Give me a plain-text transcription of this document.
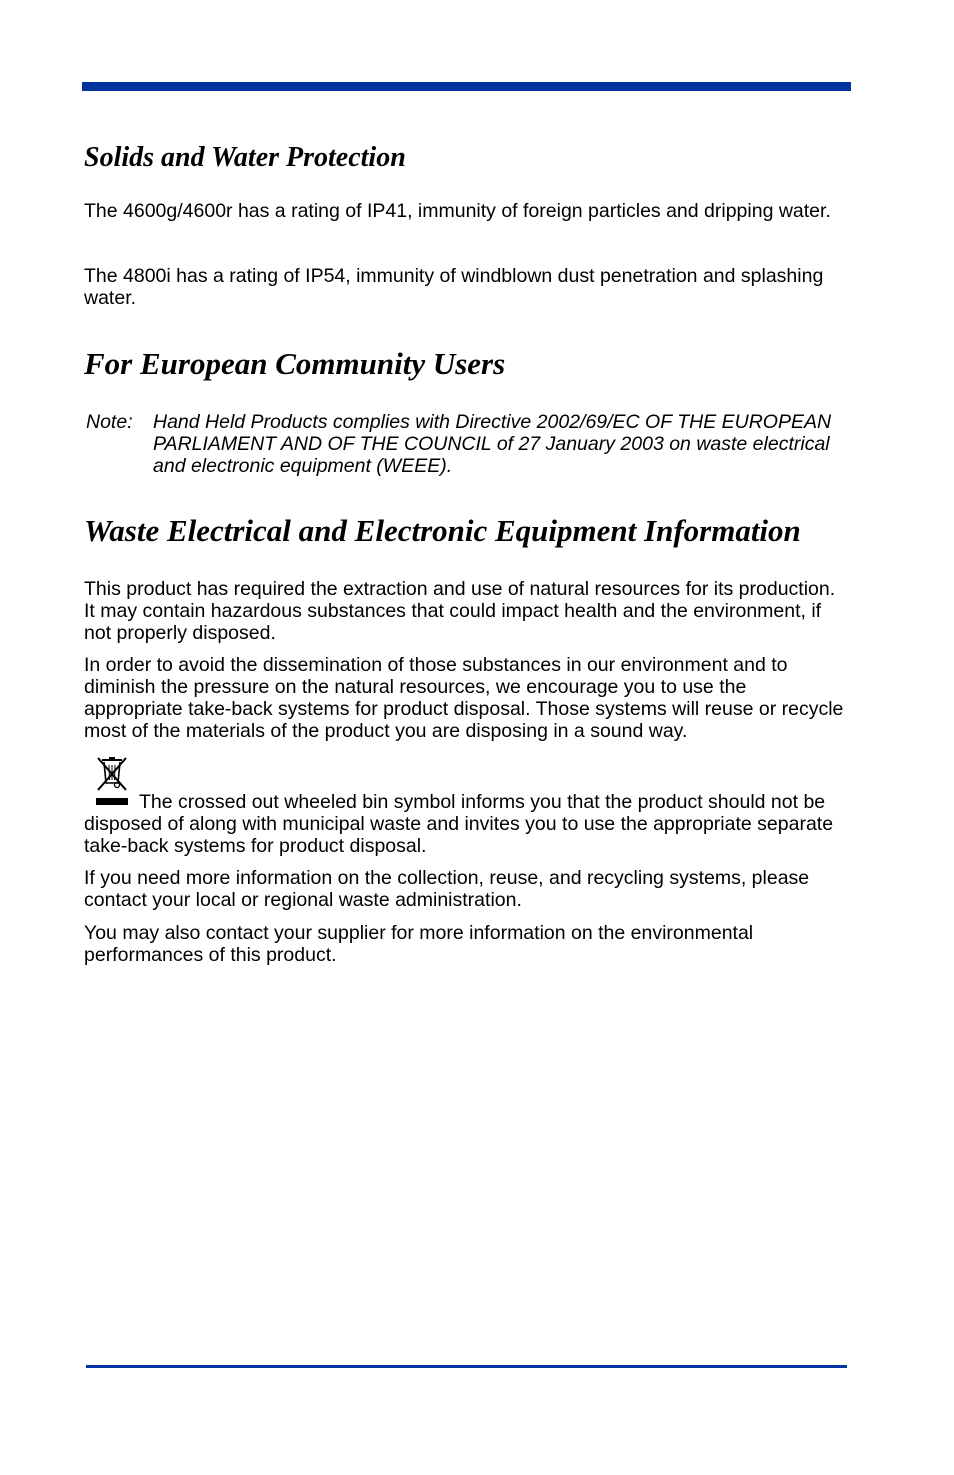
Solids and Water Protection

The 4600g/4600r has a rating of IP41, immunity of foreign particles and dripping water.

The 4800i has a rating of IP54, immunity of windblown dust penetration and splashing water.

For European Community Users
Note: Hand Held Products complies with Directive 2002/69/EC OF THE EUROPEAN PARLIAMENT AND OF THE COUNCIL of 27 January 2003 on waste electrical and electronic equipment (WEEE).
Waste Electrical and Electronic Equipment Information

This product has required the extraction and use of natural resources for its production. It may contain hazardous substances that could impact health and the environment, if not properly disposed.

In order to avoid the dissemination of those substances in our environment and to diminish the pressure on the natural resources, we encourage you to use the appropriate take-back systems for product disposal. Those systems will reuse or recycle most of the materials of the product you are disposing in a sound way.

The crossed out wheeled bin symbol informs you that the product should not be disposed of along with municipal waste and invites you to use the appropriate separate take-back systems for product disposal.

If you need more information on the collection, reuse, and recycling systems, please contact your local or regional waste administration.

You may also contact your supplier for more information on the environmental performances of this product.
